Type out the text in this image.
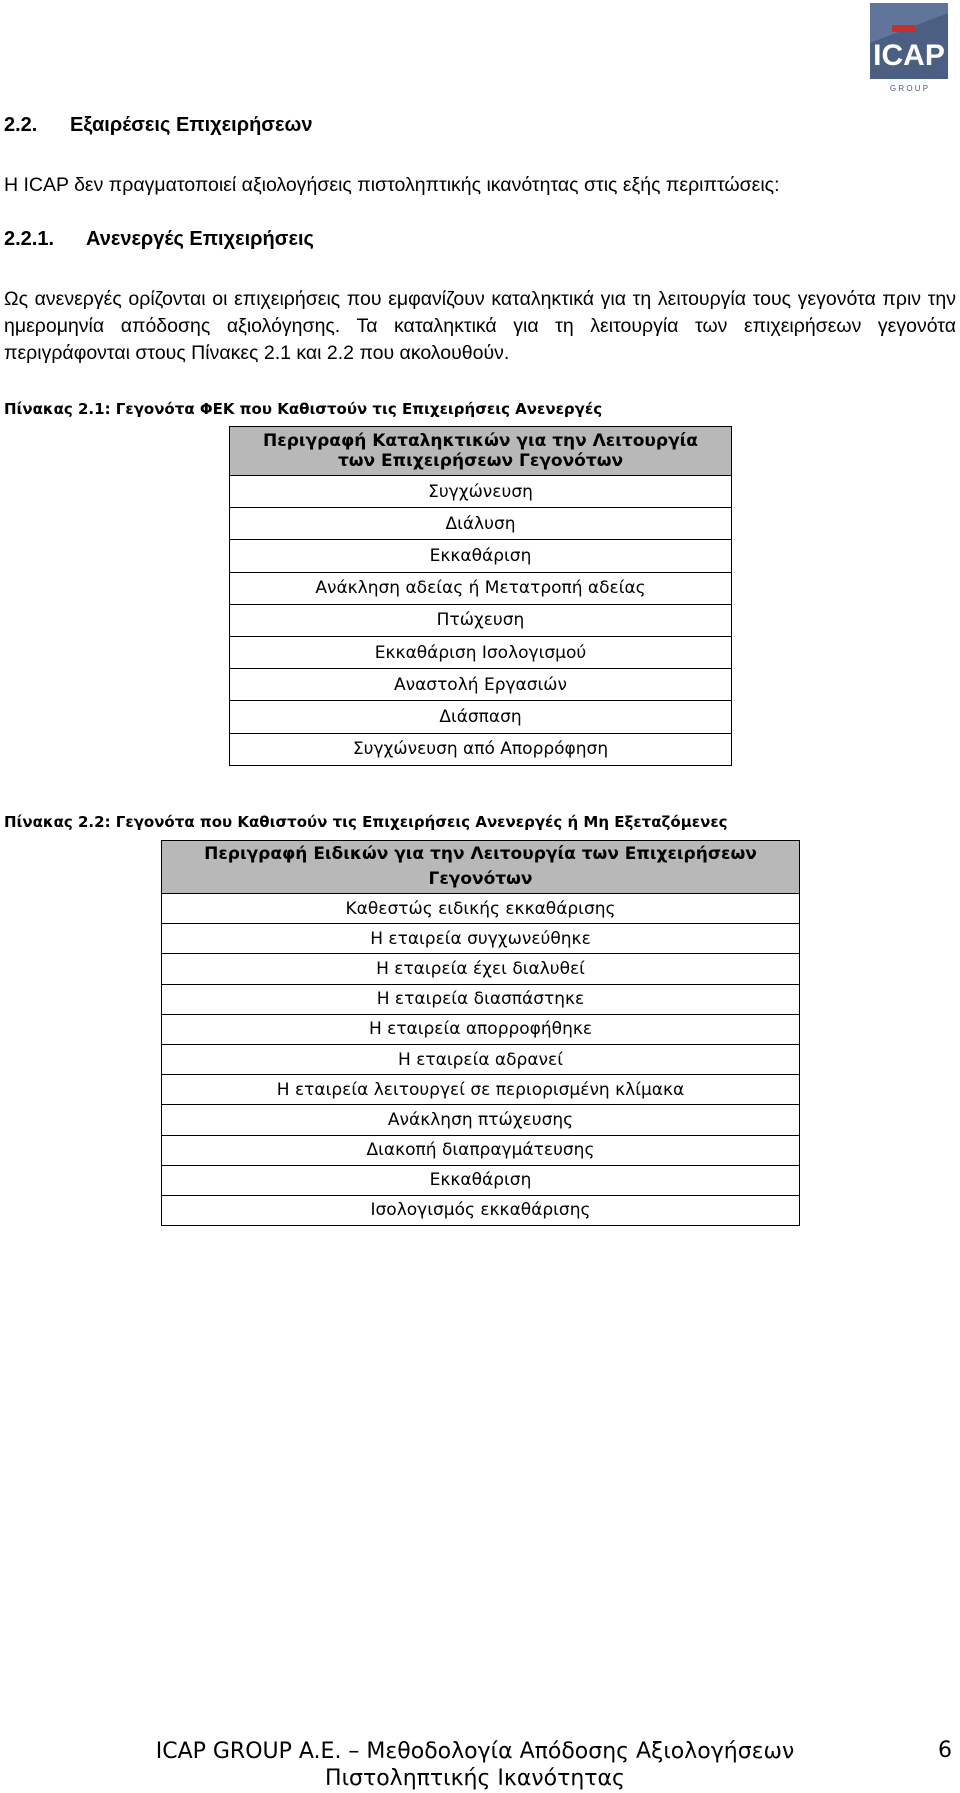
ICAP
G R O U P
2.2. Εξαιρέσεις Επιχειρήσεων

Η ICAP δεν πραγματοποιεί αξιολογήσεις πιστοληπτικής ικανότητας στις εξής περιπτώσεις:

2.2.1. Ανενεργές Επιχειρήσεις

Ως ανενεργές ορίζονται οι επιχειρήσεις που εμφανίζουν καταληκτικά για τη λειτουργία τους γεγονότα πριν την ημερομηνία απόδοσης αξιολόγησης. Τα καταληκτικά για τη λειτουργία των επιχειρήσεων γεγονότα περιγράφονται στους Πίνακες 2.1 και 2.2 που ακολουθούν.

Πίνακας 2.1: Γεγονότα ΦΕΚ που Καθιστούν τις Επιχειρήσεις Ανενεργές

Περιγραφή Καταληκτικών για την Λειτουργία
των Επιχειρήσεων Γεγονότων
Συγχώνευση
Διάλυση
Εκκαθάριση
Ανάκληση αδείας ή Μετατροπή αδείας
Πτώχευση
Εκκαθάριση Ισολογισμού
Αναστολή Εργασιών
Διάσπαση
Συγχώνευση από Απορρόφηση

Πίνακας 2.2: Γεγονότα που Καθιστούν τις Επιχειρήσεις Ανενεργές ή Μη Εξεταζόμενες

Περιγραφή Ειδικών για την Λειτουργία των Επιχειρήσεων
Γεγονότων
Καθεστώς ειδικής εκκαθάρισης
Η εταιρεία συγχωνεύθηκε
Η εταιρεία έχει διαλυθεί
Η εταιρεία διασπάστηκε
Η εταιρεία απορροφήθηκε
Η εταιρεία αδρανεί
Η εταιρεία λειτουργεί σε περιορισμένη κλίμακα
Ανάκληση πτώχευσης
Διακοπή διαπραγμάτευσης
Εκκαθάριση
Ισολογισμός εκκαθάρισης

ICAP GROUP A.E. – Μεθοδολογία Απόδοσης Αξιολογήσεων
Πιστοληπτικής Ικανότητας

6
